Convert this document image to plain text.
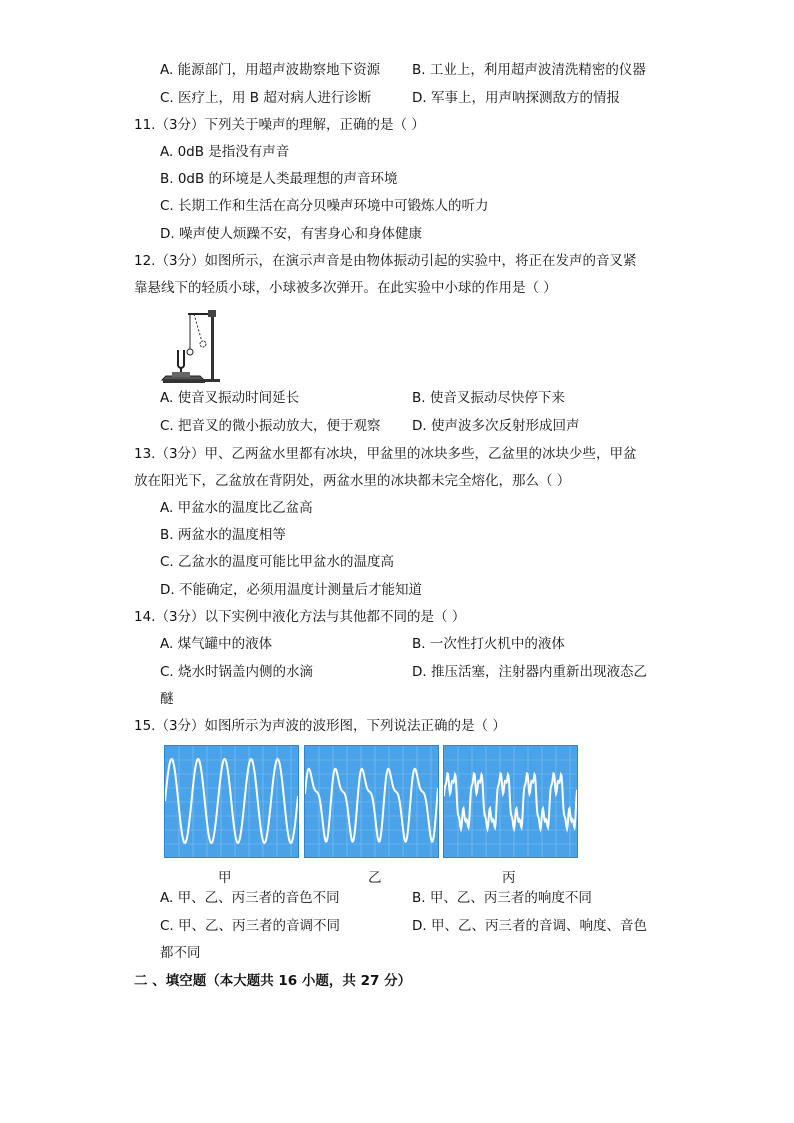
A. 能源部门，用超声波勘察地下资源 B. 工业上，利用超声波清洗精密的仪器
C. 医疗上，用 B 超对病人进行诊断	D. 军事上，用声呐探测敌方的情报
11.（3分）下列关于噪声的理解，正确的是（ ）
A. 0dB 是指没有声音
B. 0dB 的环境是人类最理想的声音环境
C. 长期工作和生活在高分贝噪声环境中可锻炼人的听力
D. 噪声使人烦躁不安，有害身心和身体健康
12.（3分）如图所示，在演示声音是由物体振动引起的实验中，将正在发声的音叉紧
靠悬线下的轻质小球，小球被多次弹开。在此实验中小球的作用是（ ）
A. 使音叉振动时间延长	B. 使音叉振动尽快停下来
C. 把音叉的微小振动放大，便于观察 D. 使声波多次反射形成回声
13.（3分）甲、乙两盆水里都有冰块，甲盆里的冰块多些，乙盆里的冰块少些，甲盆
放在阳光下，乙盆放在背阴处，两盆水里的冰块都未完全熔化，那么（ ）
A. 甲盆水的温度比乙盆高
B. 两盆水的温度相等
C. 乙盆水的温度可能比甲盆水的温度高
D. 不能确定，必须用温度计测量后才能知道
14.（3分）以下实例中液化方法与其他都不同的是（ ）
A. 煤气罐中的液体	B. 一次性打火机中的液体
C. 烧水时锅盖内侧的水滴	D. 推压活塞，注射器内重新出现液态乙
醚
15.（3分）如图所示为声波的波形图，下列说法正确的是（ ）
甲	乙	丙
A. 甲、乙、丙三者的音色不同	B. 甲、乙、丙三者的响度不同
C. 甲、乙、丙三者的音调不同	D. 甲、乙、丙三者的音调、响度、音色
都不同
二 、填空题（本大题共 16 小题，共 27 分）
